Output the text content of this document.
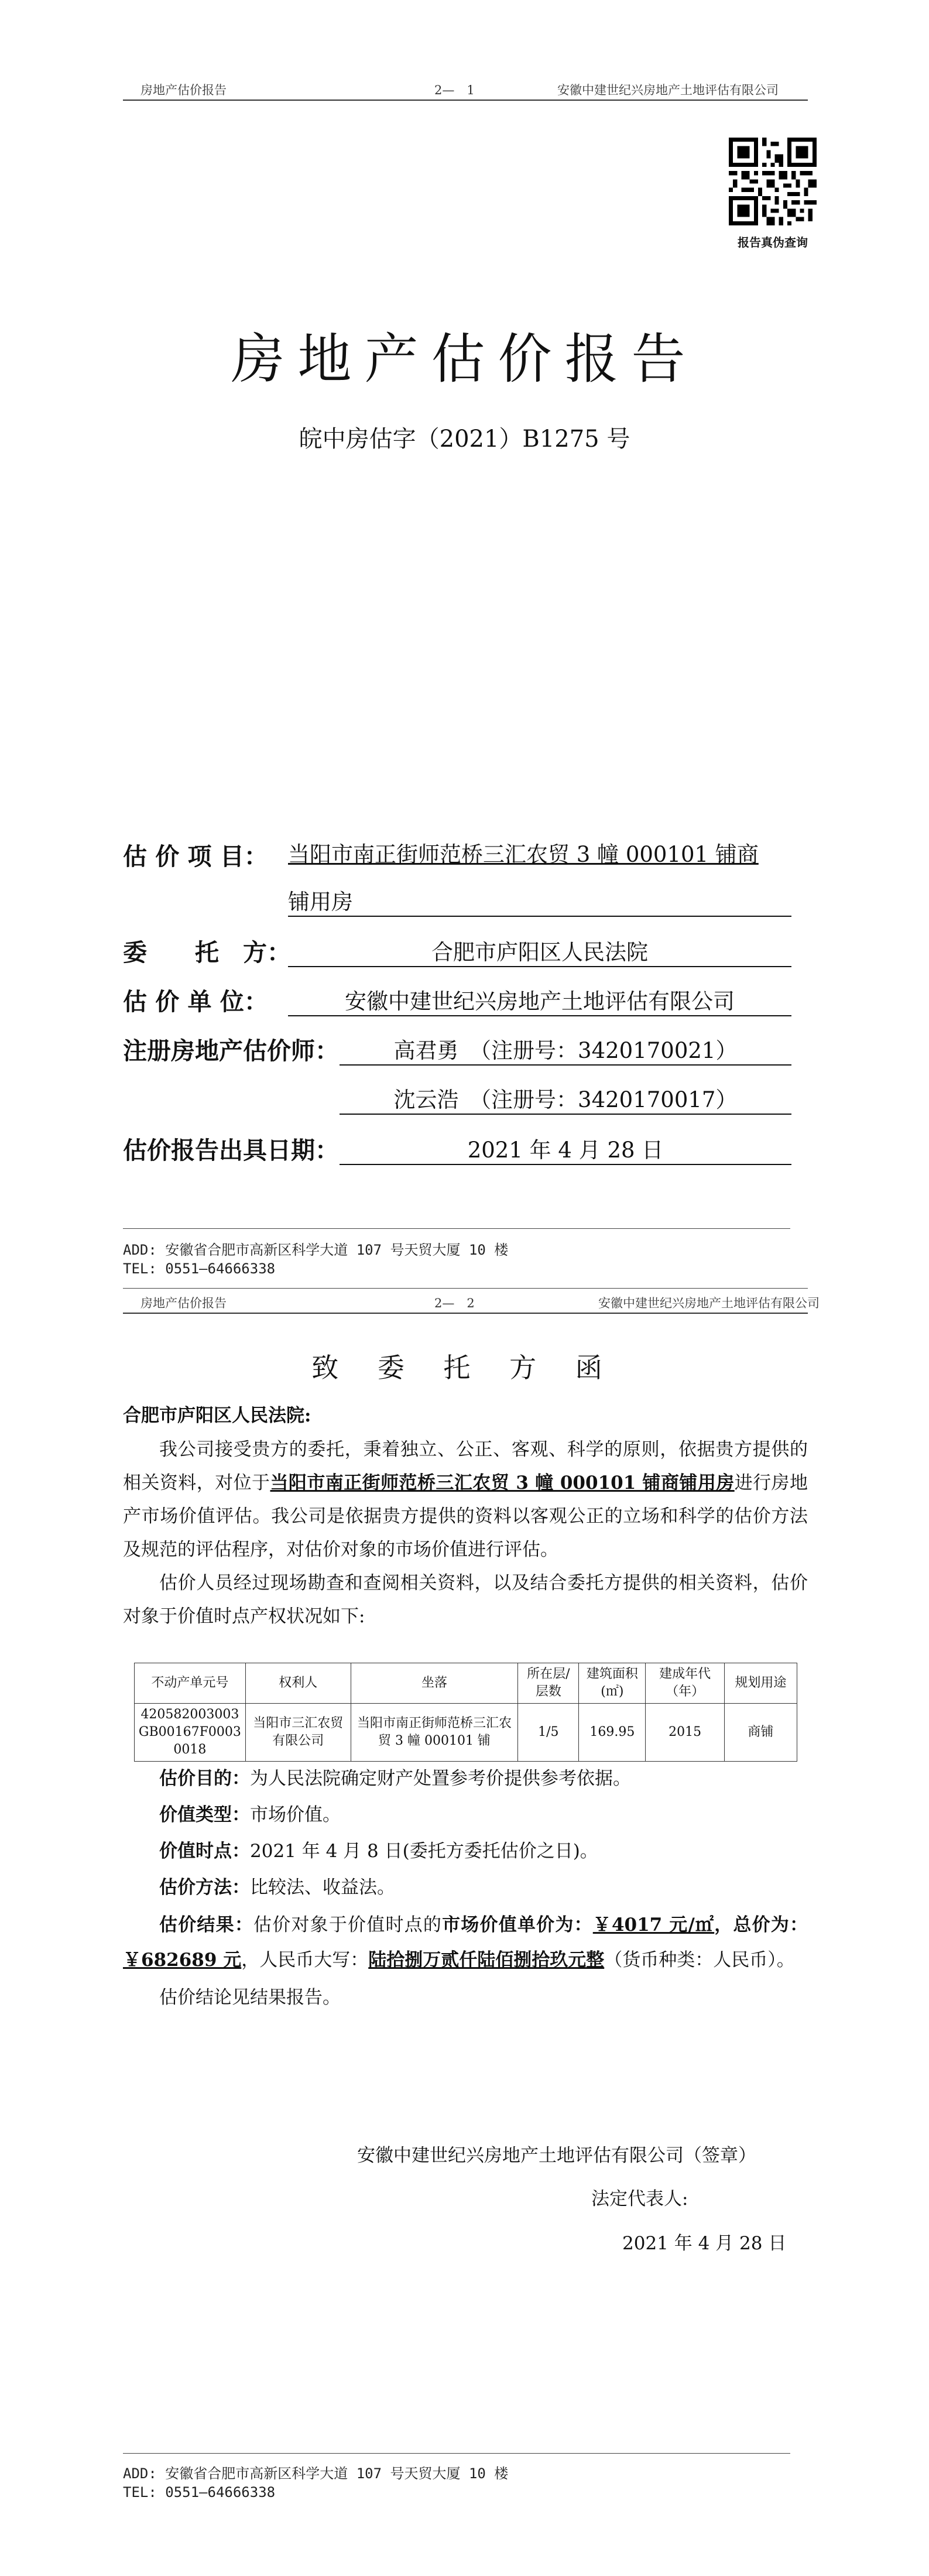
房地产估价报告	2—　1	安徽中建世纪兴房地产土地评估有限公司
报告真伪查询
房地产估价报告
皖中房估字（2021）B1275 号
估 价 项 目： 当阳市南正街师范桥三汇农贸 3 幢 000101 铺商
铺用房
委　　托　方：	合肥市庐阳区人民法院
估 价 单 位：	安徽中建世纪兴房地产土地评估有限公司
注册房地产估价师：	高君勇　（注册号：3420170021）
沈云浩　（注册号：3420170017）
估价报告出具日期：	2021 年 4 月 28 日
ADD: 安徽省合肥市高新区科学大道 107 号天贸大厦 10 楼
TEL: 0551—64666338
房地产估价报告	2—　2	安徽中建世纪兴房地产土地评估有限公司
致 委 托 方 函
合肥市庐阳区人民法院:
我公司接受贵方的委托，秉着独立、公正、客观、科学的原则，依据贵方提供的相关资料，对位于当阳市南正街师范桥三汇农贸 3 幢 000101 铺商铺用房进行房地产市场价值评估。我公司是依据贵方提供的资料以客观公正的立场和科学的估价方法及规范的评估程序，对估价对象的市场价值进行评估。
估价人员经过现场勘查和查阅相关资料，以及结合委托方提供的相关资料，估价对象于价值时点产权状况如下:
不动产单元号	权利人	坐落	所在层/层数	建筑面积(㎡)	建成年代（年）	规划用途
420582003003GB00167F00030018	当阳市三汇农贸有限公司	当阳市南正街师范桥三汇农贸 3 幢 000101 铺	1/5	169.95	2015	商铺
估价目的：为人民法院确定财产处置参考价提供参考依据。
价值类型：市场价值。
价值时点：2021 年 4 月 8 日(委托方委托估价之日)。
估价方法：比较法、收益法。
估价结果：估价对象于价值时点的市场价值单价为：￥4017 元/㎡，总价为：￥682689 元，人民币大写：陆拾捌万贰仟陆佰捌拾玖元整（货币种类：人民币）。
估价结论见结果报告。
安徽中建世纪兴房地产土地评估有限公司（签章）
法定代表人:
2021 年 4 月 28 日
ADD: 安徽省合肥市高新区科学大道 107 号天贸大厦 10 楼
TEL: 0551—64666338
